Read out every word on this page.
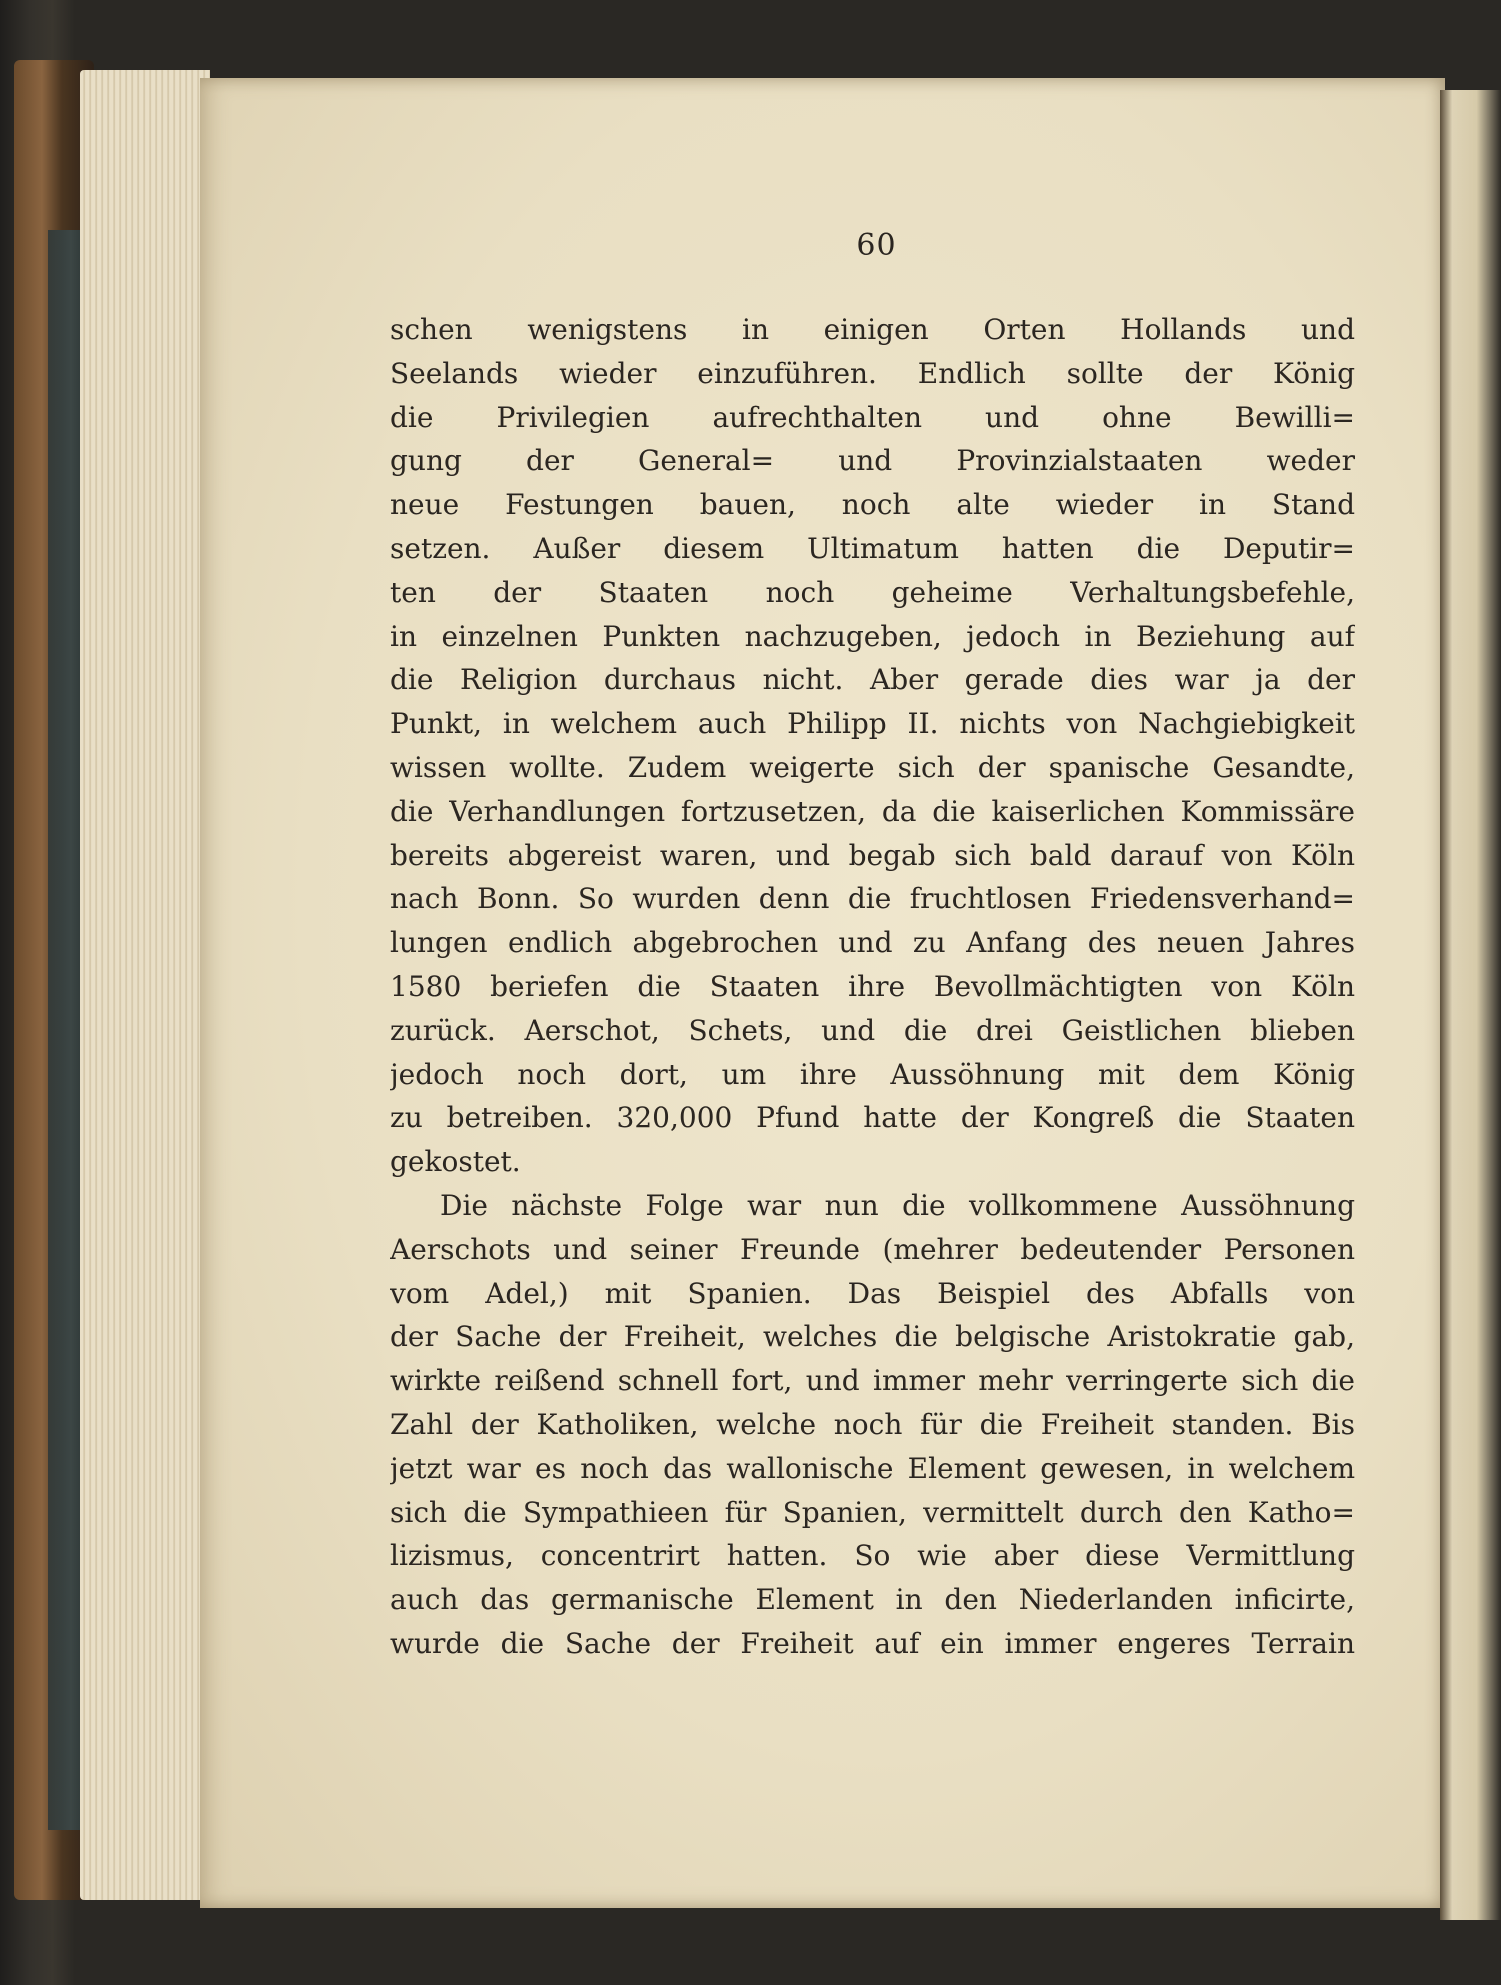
60
schen wenigstens in einigen Orten Hollands und
Seelands wieder einzuführen. Endlich sollte der König
die Privilegien aufrechthalten und ohne Bewilli=
gung der General= und Provinzialstaaten weder
neue Festungen bauen, noch alte wieder in Stand
setzen. Außer diesem Ultimatum hatten die Deputir=
ten der Staaten noch geheime Verhaltungsbefehle,
in einzelnen Punkten nachzugeben, jedoch in Beziehung auf
die Religion durchaus nicht. Aber gerade dies war ja der
Punkt, in welchem auch Philipp II. nichts von Nachgiebigkeit
wissen wollte. Zudem weigerte sich der spanische Gesandte,
die Verhandlungen fortzusetzen, da die kaiserlichen Kommissäre
bereits abgereist waren, und begab sich bald darauf von Köln
nach Bonn. So wurden denn die fruchtlosen Friedensverhand=
lungen endlich abgebrochen und zu Anfang des neuen Jahres
1580 beriefen die Staaten ihre Bevollmächtigten von Köln
zurück. Aerschot, Schets, und die drei Geistlichen blieben
jedoch noch dort, um ihre Aussöhnung mit dem König
zu betreiben. 320,000 Pfund hatte der Kongreß die Staaten
gekostet.
Die nächste Folge war nun die vollkommene Aussöhnung
Aerschots und seiner Freunde (mehrer bedeutender Personen
vom Adel,) mit Spanien. Das Beispiel des Abfalls von
der Sache der Freiheit, welches die belgische Aristokratie gab,
wirkte reißend schnell fort, und immer mehr verringerte sich die
Zahl der Katholiken, welche noch für die Freiheit standen. Bis
jetzt war es noch das wallonische Element gewesen, in welchem
sich die Sympathieen für Spanien, vermittelt durch den Katho=
lizismus, concentrirt hatten. So wie aber diese Vermittlung
auch das germanische Element in den Niederlanden inficirte,
wurde die Sache der Freiheit auf ein immer engeres Terrain
